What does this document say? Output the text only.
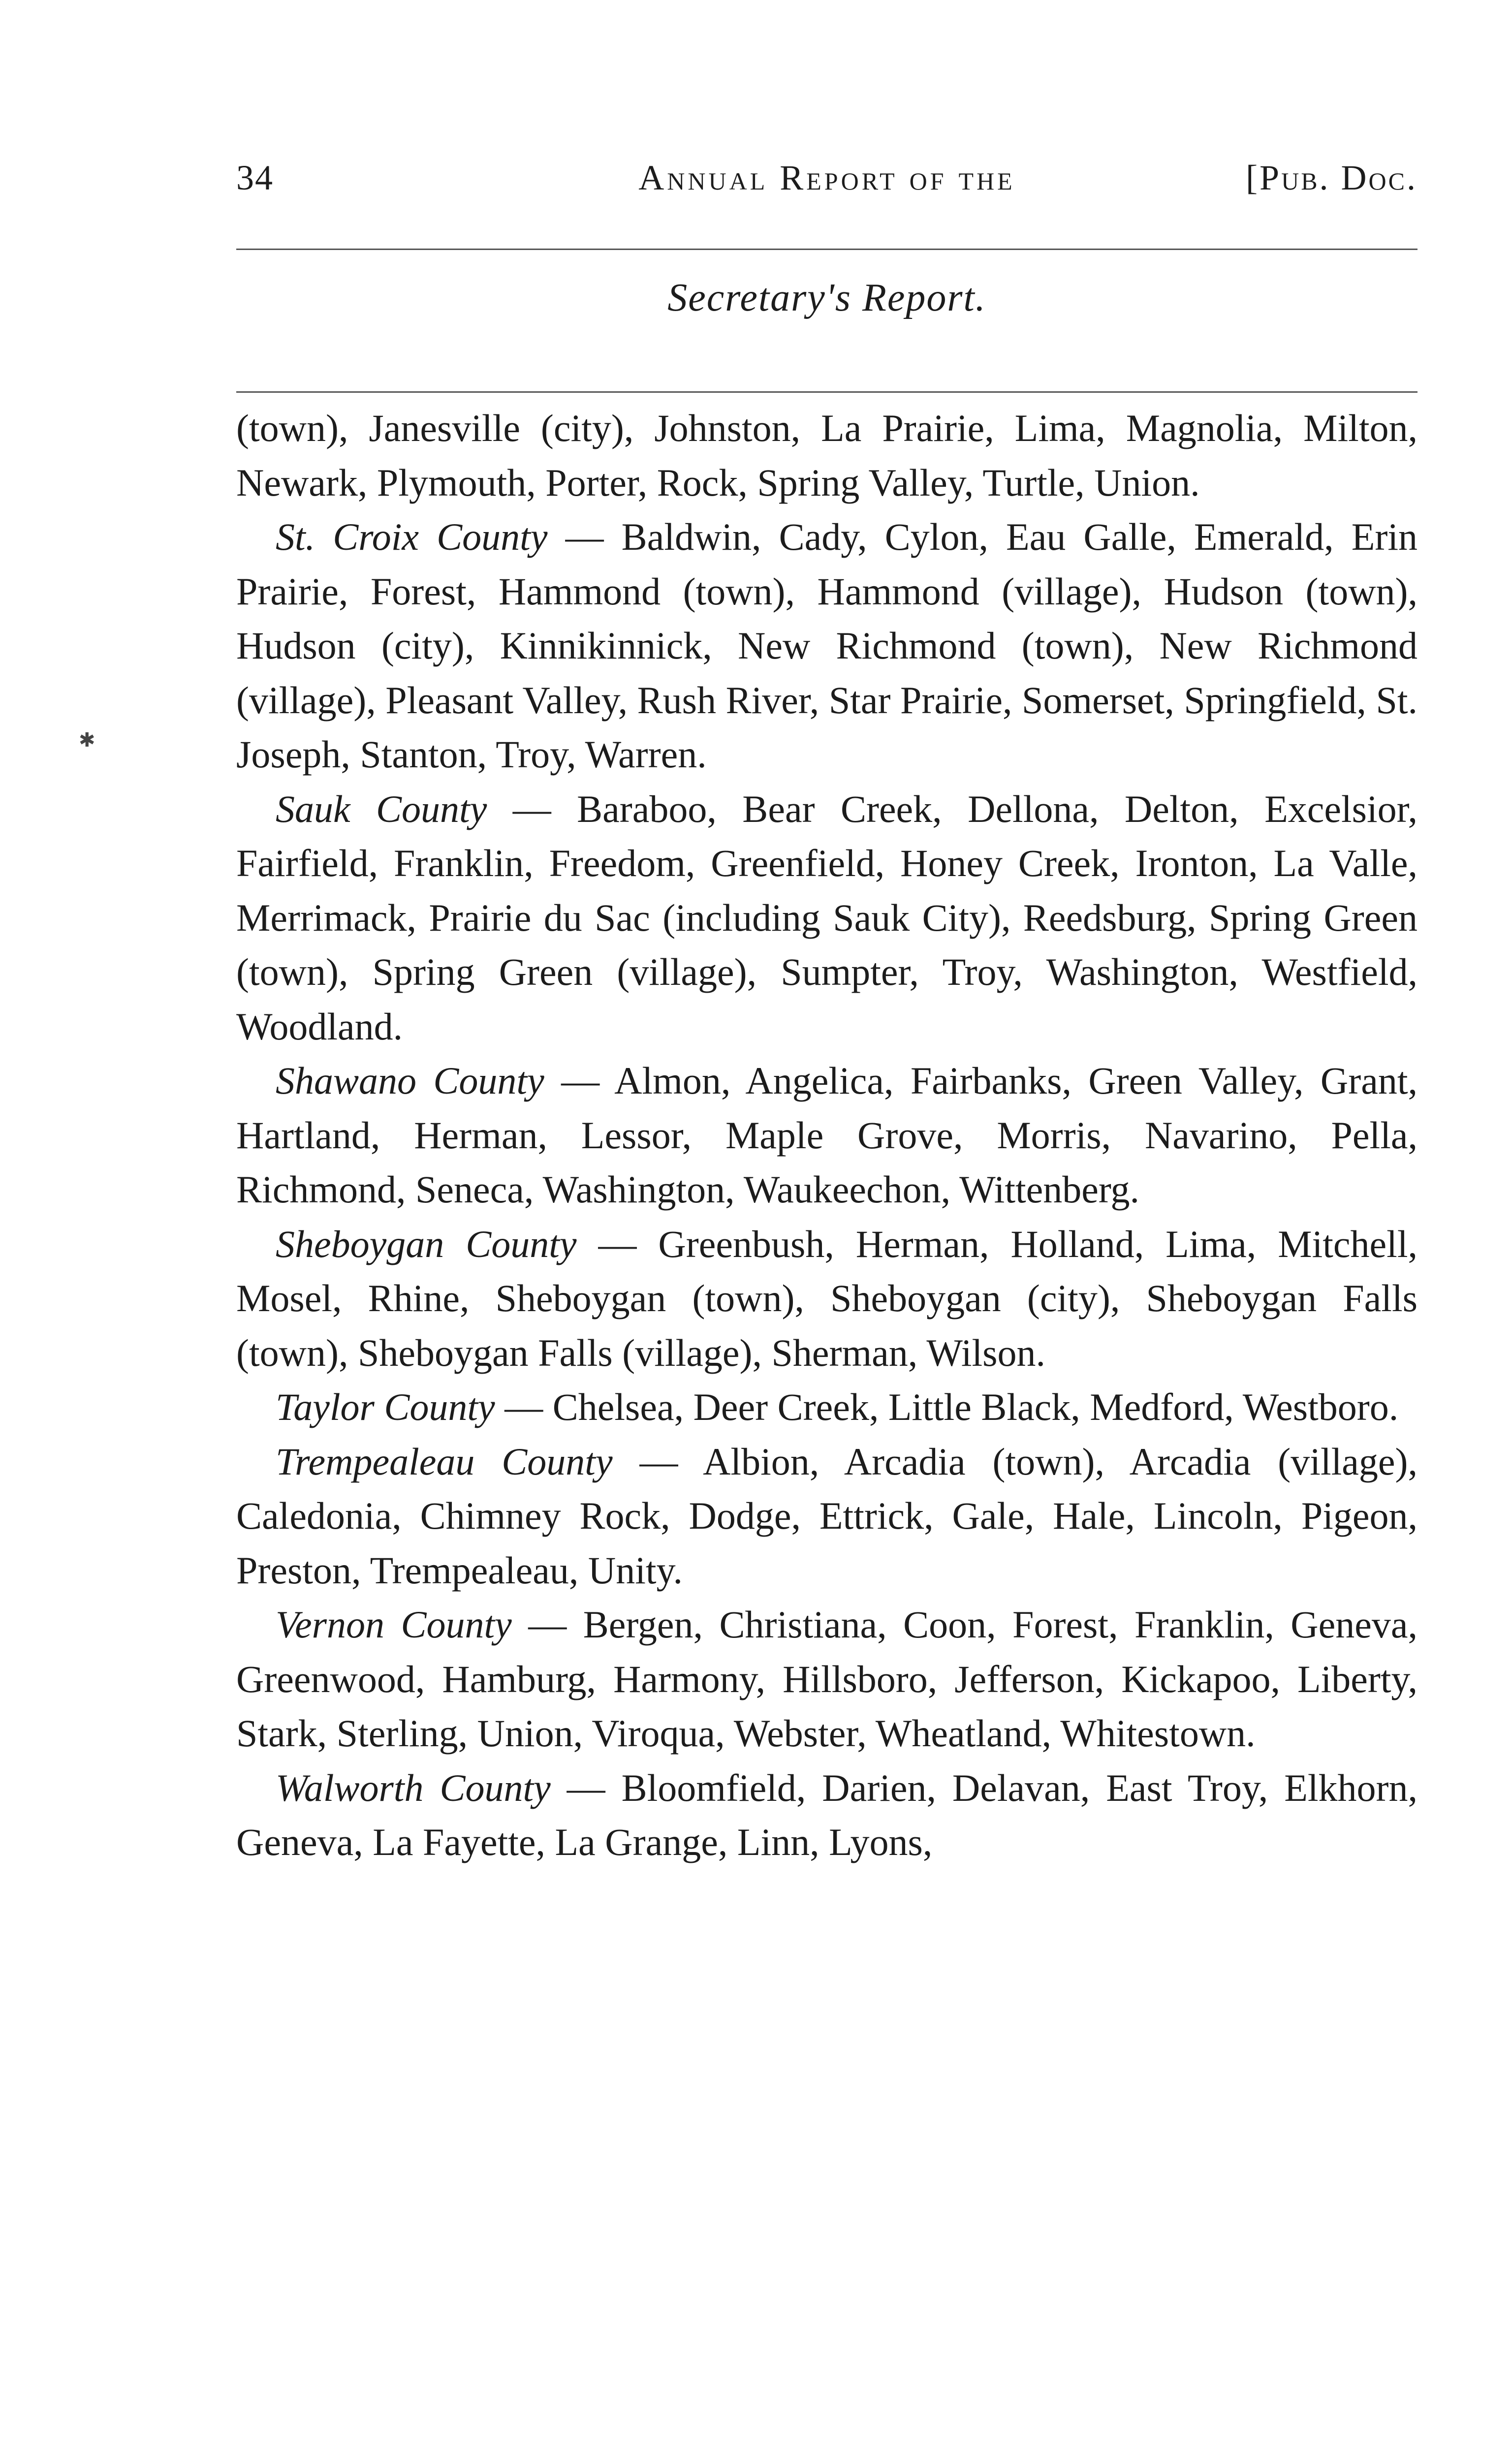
34	Annual Report of the	[Pub. Doc.
Secretary's Report.

(town), Janesville (city), Johnston, La Prairie, Lima, Magnolia, Milton, Newark, Plymouth, Porter, Rock, Spring Valley, Turtle, Union.

St. Croix County — Baldwin, Cady, Cylon, Eau Galle, Emerald, Erin Prairie, Forest, Hammond (town), Hammond (village), Hudson (town), Hudson (city), Kinnikinnick, New Richmond (town), New Richmond (village), Pleasant Valley, Rush River, Star Prairie, Somerset, Springfield, St. Joseph, Stanton, Troy, Warren.

Sauk County — Baraboo, Bear Creek, Dellona, Delton, Excelsior, Fairfield, Franklin, Freedom, Greenfield, Honey Creek, Ironton, La Valle, Merrimack, Prairie du Sac (including Sauk City), Reedsburg, Spring Green (town), Spring Green (village), Sumpter, Troy, Washington, Westfield, Woodland.

Shawano County — Almon, Angelica, Fairbanks, Green Valley, Grant, Hartland, Herman, Lessor, Maple Grove, Morris, Navarino, Pella, Richmond, Seneca, Washington, Waukeechon, Wittenberg.

Sheboygan County — Greenbush, Herman, Holland, Lima, Mitchell, Mosel, Rhine, Sheboygan (town), Sheboygan (city), Sheboygan Falls (town), Sheboygan Falls (village), Sherman, Wilson.

Taylor County — Chelsea, Deer Creek, Little Black, Medford, Westboro.

Trempealeau County — Albion, Arcadia (town), Arcadia (village), Caledonia, Chimney Rock, Dodge, Ettrick, Gale, Hale, Lincoln, Pigeon, Preston, Trempealeau, Unity.

Vernon County — Bergen, Christiana, Coon, Forest, Franklin, Geneva, Greenwood, Hamburg, Harmony, Hillsboro, Jefferson, Kickapoo, Liberty, Stark, Sterling, Union, Viroqua, Webster, Wheatland, Whitestown.

Walworth County — Bloomfield, Darien, Delavan, East Troy, Elkhorn, Geneva, La Fayette, La Grange, Linn, Lyons,

✱
